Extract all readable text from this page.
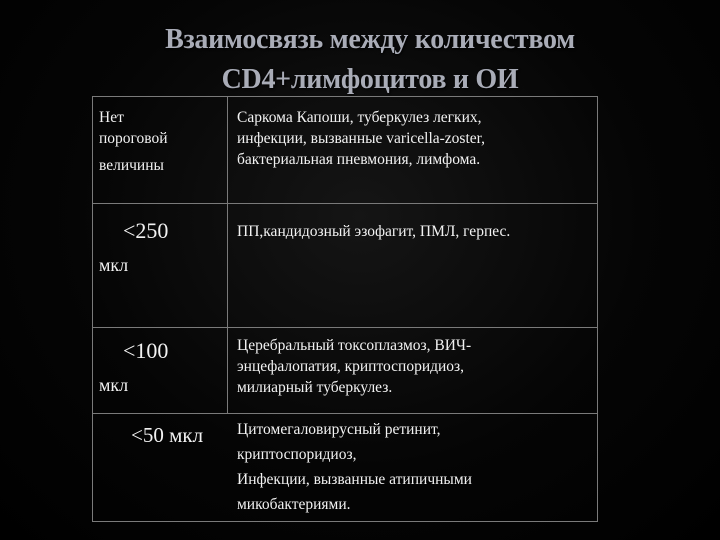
Взаимосвязь между количеством
CD4+лимфоцитов и ОИ
Нет
пороговой
величины
Саркома Капоши, туберкулез легких,
инфекции, вызванные varicella-zoster,
бактериальная пневмония, лимфома.
<250
мкл
ПП,кандидозный эзофагит, ПМЛ, герпес.
<100
мкл
Церебральный токсоплазмоз, ВИЧ-
энцефалопатия, криптоспоридиоз,
милиарный туберкулез.
<50 мкл Цитомегаловирусный ретинит,
криптоспоридиоз,
Инфекции, вызванные атипичными
микобактериями.
